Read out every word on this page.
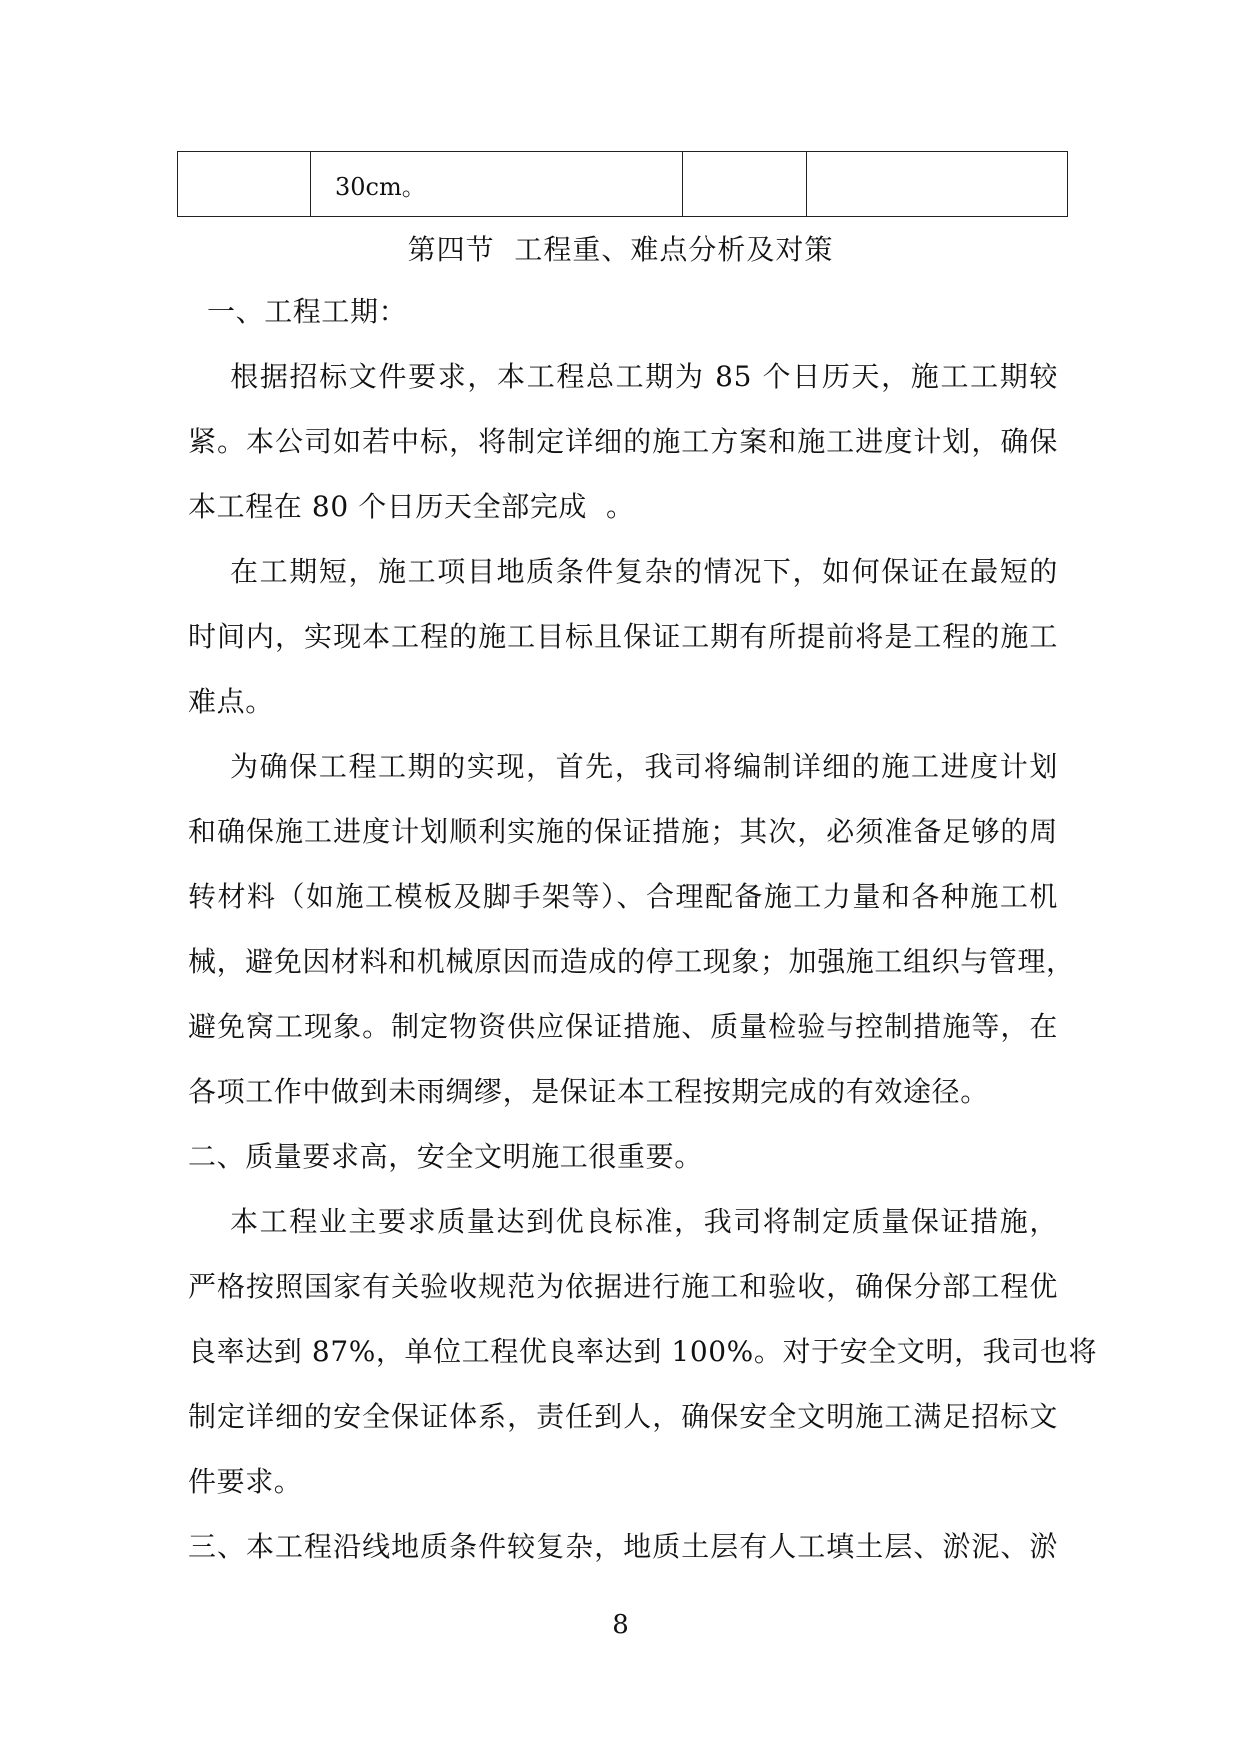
	30cm。		
第四节  工程重、难点分析及对策
一、工程工期：
根据招标文件要求，本工程总工期为 85 个日历天，施工工期较
紧。本公司如若中标，将制定详细的施工方案和施工进度计划，确保
本工程在 80 个日历天全部完成  。
在工期短，施工项目地质条件复杂的情况下，如何保证在最短的
时间内，实现本工程的施工目标且保证工期有所提前将是工程的施工
难点。
为确保工程工期的实现，首先，我司将编制详细的施工进度计划
和确保施工进度计划顺利实施的保证措施；其次，必须准备足够的周
转材料（如施工模板及脚手架等）、合理配备施工力量和各种施工机
械，避免因材料和机械原因而造成的停工现象；加强施工组织与管理，
避免窝工现象。制定物资供应保证措施、质量检验与控制措施等，在
各项工作中做到未雨绸缪，是保证本工程按期完成的有效途径。
二、质量要求高，安全文明施工很重要。
本工程业主要求质量达到优良标准，我司将制定质量保证措施，
严格按照国家有关验收规范为依据进行施工和验收，确保分部工程优
良率达到 87%，单位工程优良率达到 100%。对于安全文明，我司也将
制定详细的安全保证体系，责任到人，确保安全文明施工满足招标文
件要求。
三、本工程沿线地质条件较复杂，地质土层有人工填土层、淤泥、淤
8
